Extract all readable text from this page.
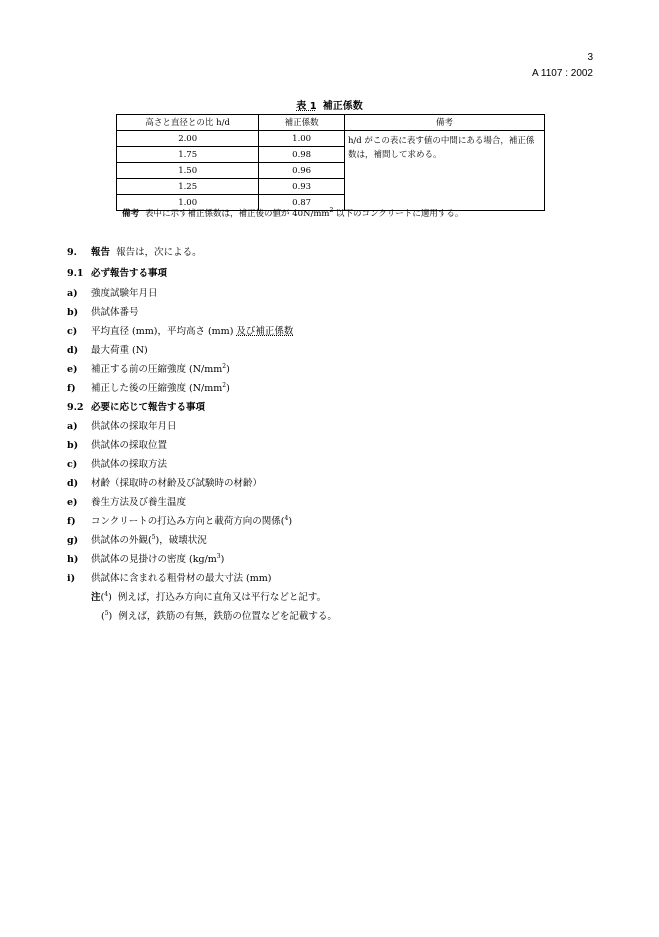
3
A 1107 : 2002
表 1 補正係数
高さと直径との比 h/d	補正係数	備考
2.00	1.00	h/d がこの表に表す値の中間にある場合，補正係数は，補間して求める。
1.75	0.98	
1.50	0.96	
1.25	0.93	
1.00	0.87	
備考 表中に示す補正係数は，補正後の値が $40N/mm^2$ 以下のコンクリートに適用する。
9. 報告 報告は，次による。
9.1 必ず報告する事項
a) 強度試験年月日
b) 供試体番号
c) 平均直径 (mm)，平均高さ (mm) 及び補正係数
d) 最大荷重 (N)
e) 補正する前の圧縮強度 $(N/mm^2)$
f) 補正した後の圧縮強度 $(N/mm^2)$
9.2 必要に応じて報告する事項
a) 供試体の採取年月日
b) 供試体の採取位置
c) 供試体の採取方法
d) 材齢（採取時の材齢及び試験時の材齢）
e) 養生方法及び養生温度
f) コンクリートの打込み方向と載荷方向の関係($^4$)
g) 供試体の外観($^5$)，破壊状況
h) 供試体の見掛けの密度 $(kg/m^3)$
i) 供試体に含まれる粗骨材の最大寸法 (mm)
注($^4$) 例えば，打込み方向に直角又は平行などと記す。
($^5$) 例えば，鉄筋の有無，鉄筋の位置などを記載する。
